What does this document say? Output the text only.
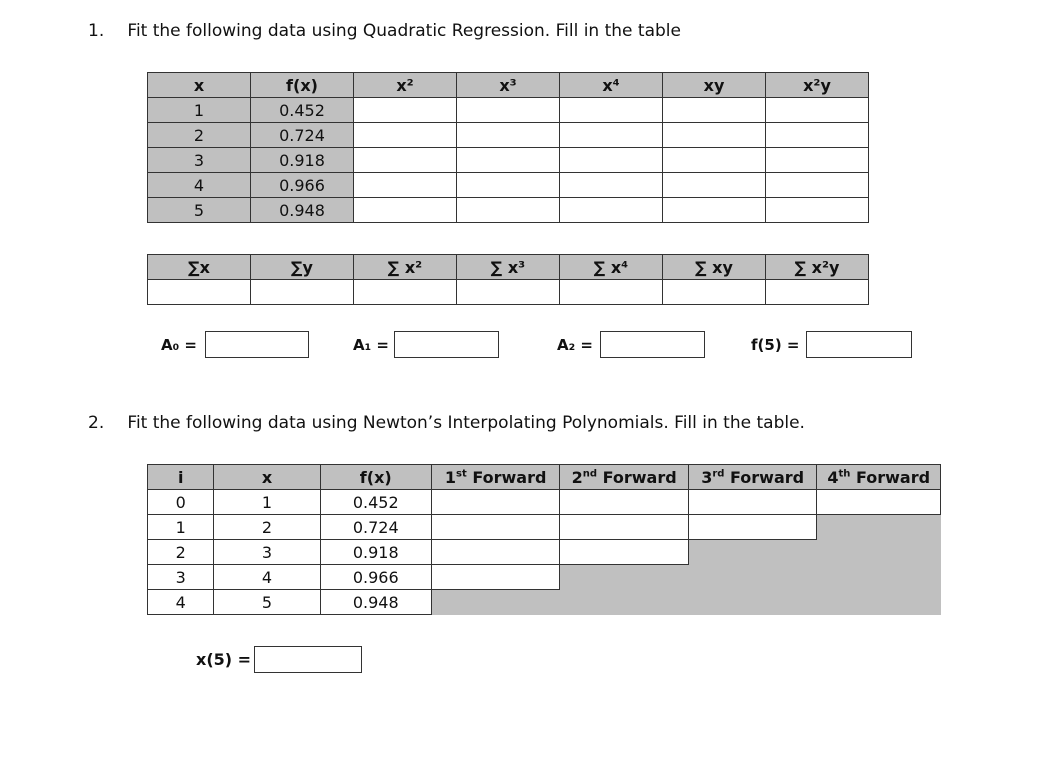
1. Fit the following data using Quadratic Regression. Fill in the table
x	f(x)	x²	x³	x⁴	xy	x²y
1	0.452					
2	0.724					
3	0.918					
4	0.966					
5	0.948					
∑x	∑y	∑ x²	∑ x³	∑ x⁴	∑ xy	∑ x²y

A₀ =	A₁ =	A₂ =	f(5) =
2. Fit the following data using Newton’s Interpolating Polynomials. Fill in the table.
i	x	f(x)	1st Forward	2nd Forward	3rd Forward	4th Forward
0	1	0.452				
1	2	0.724				
2	3	0.918				
3	4	0.966				
4	5	0.948				
x(5) =
